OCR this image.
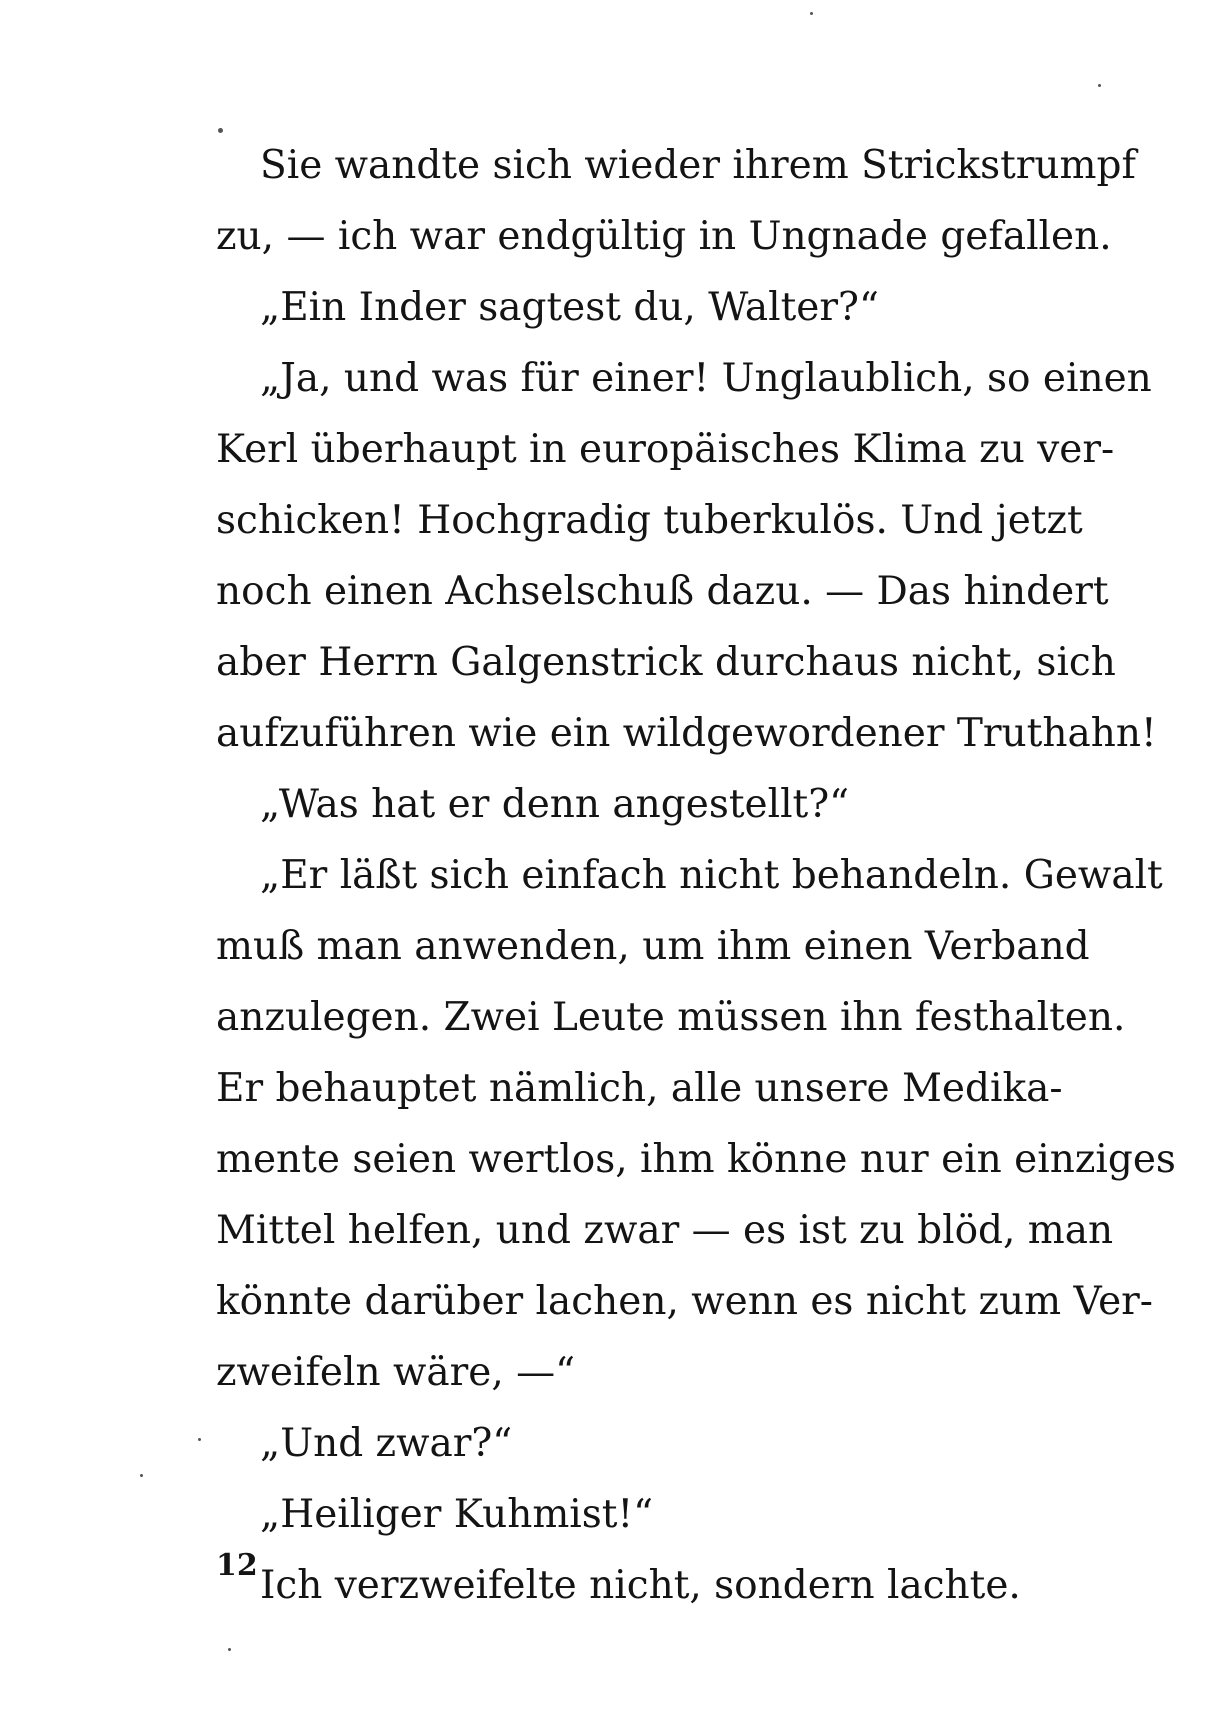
Sie wandte sich wieder ihrem Strickstrumpf
zu, — ich war endgültig in Ungnade gefallen.
„Ein Inder sagtest du, Walter?“
„Ja, und was für einer! Unglaublich, so einen
Kerl überhaupt in europäisches Klima zu ver-
schicken! Hochgradig tuberkulös. Und jetzt
noch einen Achselschuß dazu. — Das hindert
aber Herrn Galgenstrick durchaus nicht, sich
aufzuführen wie ein wildgewordener Truthahn!
„Was hat er denn angestellt?“
„Er läßt sich einfach nicht behandeln. Gewalt
muß man anwenden, um ihm einen Verband
anzulegen. Zwei Leute müssen ihn festhalten.
Er behauptet nämlich, alle unsere Medika-
mente seien wertlos, ihm könne nur ein einziges
Mittel helfen, und zwar — es ist zu blöd, man
könnte darüber lachen, wenn es nicht zum Ver-
zweifeln wäre, —“
„Und zwar?“
„Heiliger Kuhmist!“
Ich verzweifelte nicht, sondern lachte.
12
